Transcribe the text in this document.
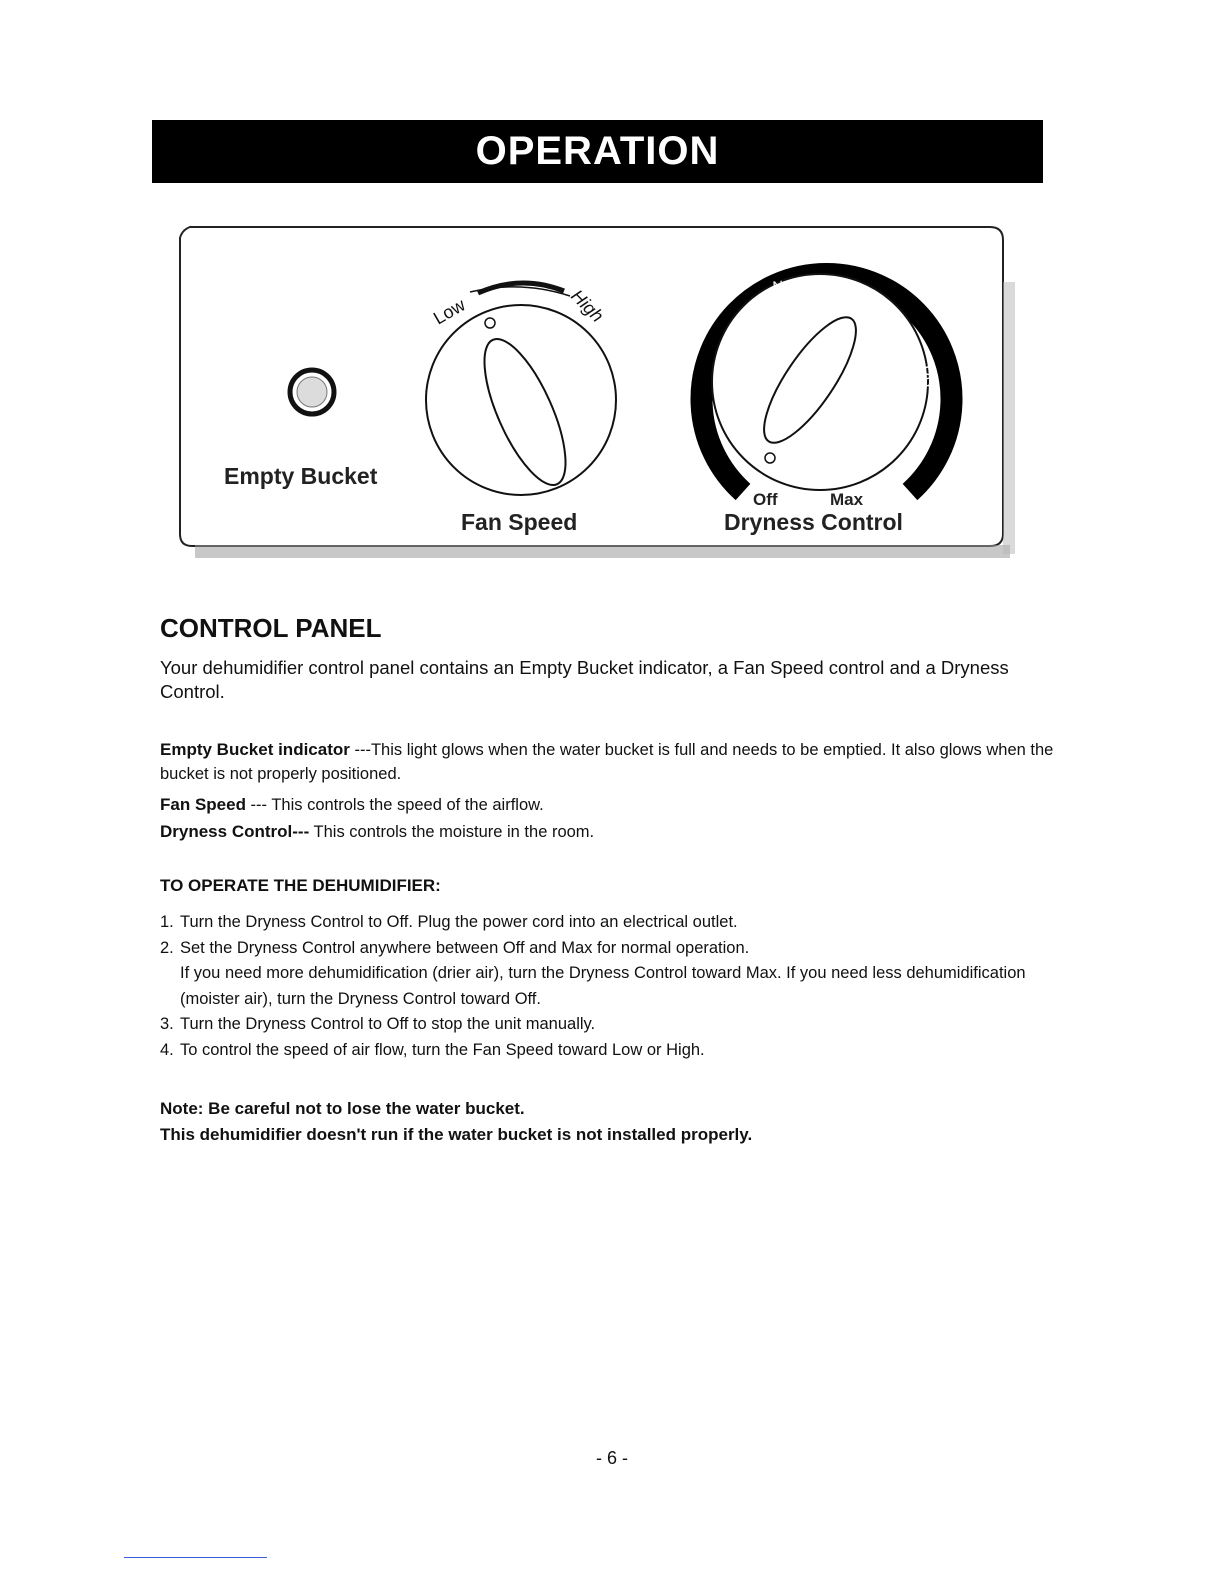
OPERATION
Empty Bucket
Low	High
Fan Speed
Normal
Dryness
Off	Max
Dryness Control
CONTROL PANEL

Your dehumidifier control panel contains an Empty Bucket indicator, a Fan Speed control and a Dryness Control.

Empty Bucket indicator ---This light glows when the water bucket is full and needs to be emptied. It also glows when the bucket is not properly positioned.

Fan Speed --- This controls the speed of the airflow.

Dryness Control--- This controls the moisture in the room.

TO OPERATE THE DEHUMIDIFIER:
1. Turn the Dryness Control to Off. Plug the power cord into an electrical outlet.
2. Set the Dryness Control anywhere between Off and Max for normal operation.
If you need more dehumidification (drier air), turn the Dryness Control toward Max. If you need less dehumidification (moister air), turn the Dryness Control toward Off.
3. Turn the Dryness Control to Off to stop the unit manually.
4. To control the speed of air flow, turn the Fan Speed toward Low or High.
Note: Be careful not to lose the water bucket.
This dehumidifier doesn't run if the water bucket is not installed properly.
- 6 -
